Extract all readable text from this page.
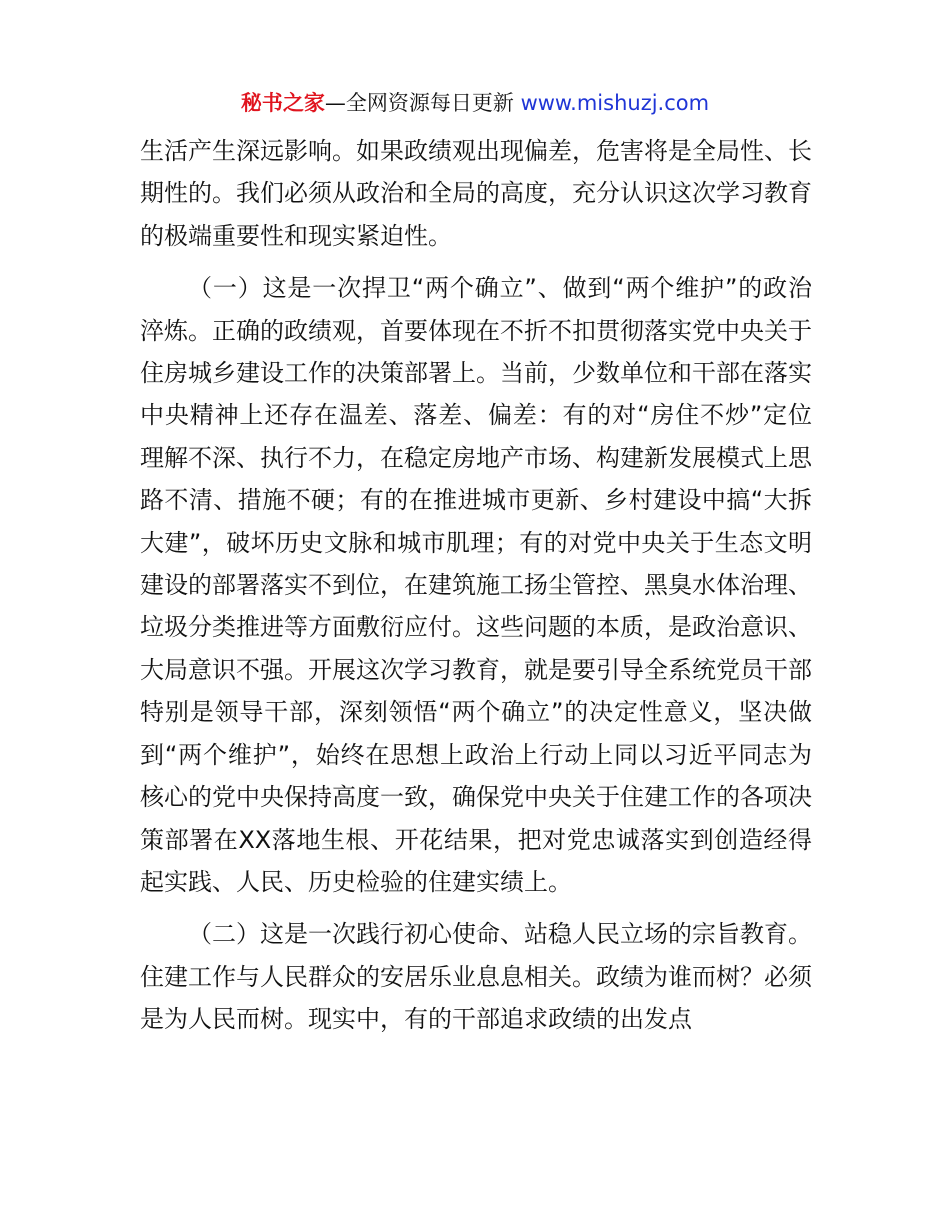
秘书之家—全网资源每日更新 www.mishuzj.com

生活产生深远影响。如果政绩观出现偏差，危害将是全局性、长期性的。我们必须从政治和全局的高度，充分认识这次学习教育的极端重要性和现实紧迫性。

（一）这是一次捍卫“两个确立”、做到“两个维护”的政治淬炼。正确的政绩观，首要体现在不折不扣贯彻落实党中央关于住房城乡建设工作的决策部署上。当前，少数单位和干部在落实中央精神上还存在温差、落差、偏差：有的对“房住不炒”定位理解不深、执行不力，在稳定房地产市场、构建新发展模式上思路不清、措施不硬；有的在推进城市更新、乡村建设中搞“大拆大建”，破坏历史文脉和城市肌理；有的对党中央关于生态文明建设的部署落实不到位，在建筑施工扬尘管控、黑臭水体治理、垃圾分类推进等方面敷衍应付。这些问题的本质，是政治意识、大局意识不强。开展这次学习教育，就是要引导全系统党员干部特别是领导干部，深刻领悟“两个确立”的决定性意义，坚决做到“两个维护”，始终在思想上政治上行动上同以习近平同志为核心的党中央保持高度一致，确保党中央关于住建工作的各项决策部署在XX落地生根、开花结果，把对党忠诚落实到创造经得起实践、人民、历史检验的住建实绩上。

（二）这是一次践行初心使命、站稳人民立场的宗旨教育。住建工作与人民群众的安居乐业息息相关。政绩为谁而树？必须是为人民而树。现实中，有的干部追求政绩的出发点
